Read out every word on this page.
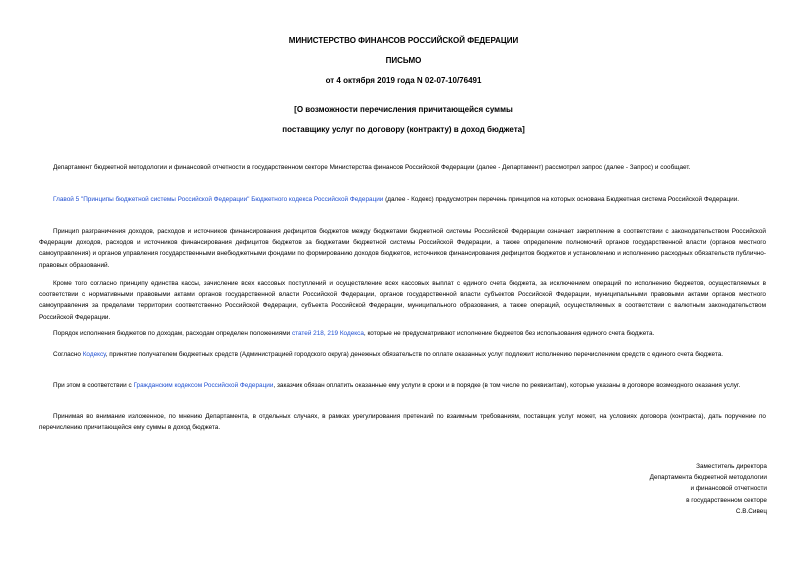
МИНИСТЕРСТВО ФИНАНСОВ РОССИЙСКОЙ ФЕДЕРАЦИИ
ПИСЬМО
от 4 октября 2019 года N 02-07-10/76491
[О возможности перечисления причитающейся суммы
поставщику услуг по договору (контракту) в доход бюджета]
Департамент бюджетной методологии и финансовой отчетности в государственном секторе Министерства финансов Российской Федерации (далее - Департамент) рассмотрел запрос (далее - Запрос) и сообщает.
Главой 5 "Принципы бюджетной системы Российской Федерации" Бюджетного кодекса Российской Федерации (далее - Кодекс) предусмотрен перечень принципов на которых основана Бюджетная система Российской Федерации.
Принцип разграничения доходов, расходов и источников финансирования дефицитов бюджетов между бюджетами бюджетной системы Российской Федерации означает закрепление в соответствии с законодательством Российской Федерации доходов, расходов и источников финансирования дефицитов бюджетов за бюджетами бюджетной системы Российской Федерации, а также определение полномочий органов государственной власти (органов местного самоуправления) и органов управления государственными внебюджетными фондами по формированию доходов бюджетов, источников финансирования дефицитов бюджетов и установлению и исполнению расходных обязательств публично-правовых образований.
Кроме того согласно принципу единства кассы, зачисление всех кассовых поступлений и осуществление всех кассовых выплат с единого счета бюджета, за исключением операций по исполнению бюджетов, осуществляемых в соответствии с нормативными правовыми актами органов государственной власти Российской Федерации, органов государственной власти субъектов Российской Федерации, муниципальными правовыми актами органов местного самоуправления за пределами территории соответственно Российской Федерации, субъекта Российской Федерации, муниципального образования, а также операций, осуществляемых в соответствии с валютным законодательством Российской Федерации.
Порядок исполнения бюджетов по доходам, расходам определен положениями статей 218, 219 Кодекса, которые не предусматривают исполнение бюджетов без использования единого счета бюджета.
Согласно Кодексу, принятие получателем бюджетных средств (Администрацией городского округа) денежных обязательств по оплате оказанных услуг подлежит исполнению перечислением средств с единого счета бюджета.
При этом в соответствии с Гражданским кодексом Российской Федерации, заказчик обязан оплатить оказанные ему услуги в сроки и в порядке (в том числе по реквизитам), которые указаны в договоре возмездного оказания услуг.
Принимая во внимание изложенное, по мнению Департамента, в отдельных случаях, в рамках урегулирования претензий по взаимным требованиям, поставщик услуг может, на условиях договора (контракта), дать поручение по перечислению причитающейся ему суммы в доход бюджета.
Заместитель директора
Департамента бюджетной методологии
и финансовой отчетности
в государственном секторе
С.В.Сивец
